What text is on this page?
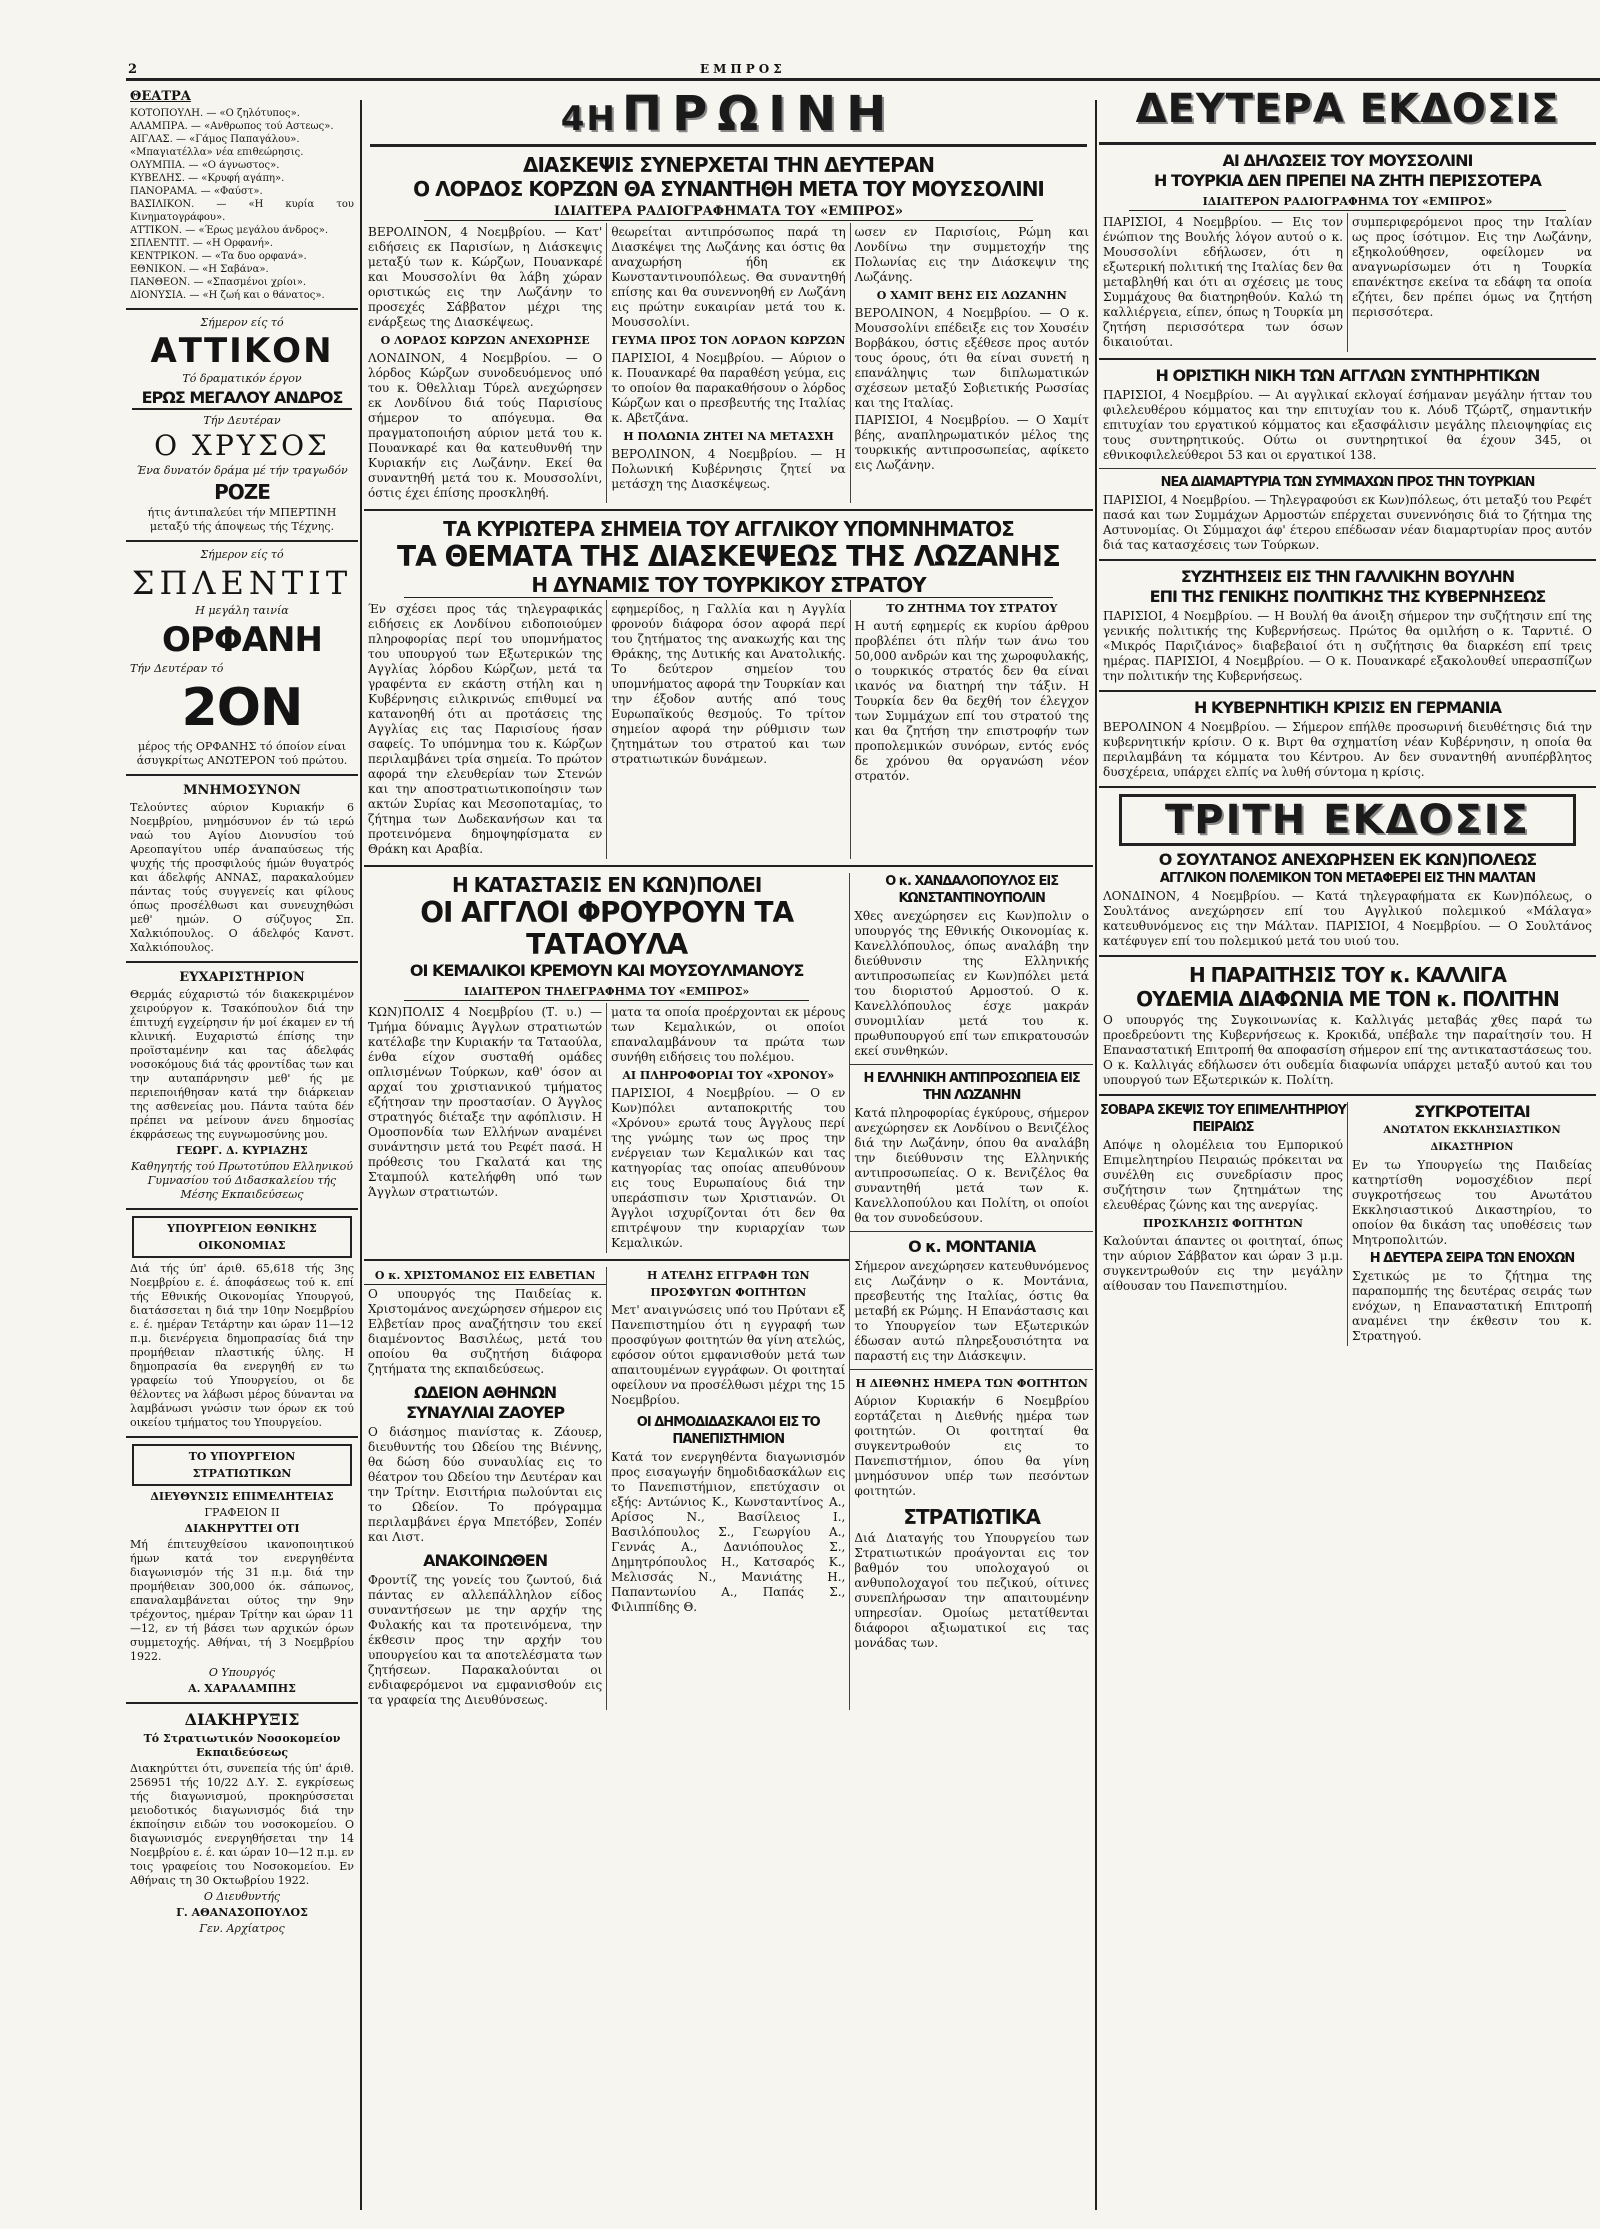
2	ΕΜΠΡΟΣ
ΘΕΑΤΡΑ
ΚΟΤΟΠΟΥΛΗ. — «Ο ζηλότυπος».
ΑΛΑΜΠΡΑ. — «Ανθρωπος τού Αστεως».
ΑΙΓΛΑΣ. — «Γάμος Παπαγάλου».
«Μπαγιατέλλα» νέα επιθεώρησις.
ΟΛΥΜΠΙΑ. — «Ο άγνωστος».
ΚΥΒΕΛΗΣ. — «Κρυφή αγάπη».
ΠΑΝΟΡΑΜΑ. — «Φαύστ».
ΒΑΣΙΛΙΚΟΝ. — «Η κυρία του Κινηματογράφου».
ΑΤΤΙΚΟΝ. — «Έρως μεγάλου άνδρος».
ΣΠΛΕΝΤΙΤ. — «Η Ορφανή».
ΚΕΝΤΡΙΚΟΝ. — «Τα δυο ορφανά».
ΕΘΝΙΚΟΝ. — «Η Σαβάνα».
ΠΑΝΘΕΟΝ. — «Σπασμένοι χρίοι».
ΔΙΟΝΥΣΙΑ. — «Η ζωή και ο θάνατος».
Σήμερον είς τό
ΑΤΤΙΚΟΝ
Τό δραματικόν έργον
ΕΡΩΣ ΜΕΓΑΛΟΥ ΑΝΔΡΟΣ
Τήν Δευτέραν
Ο ΧΡΥΣΟΣ
Ένα δυνατόν δράμα μέ τήν τραγωδόν
ΡΟΖΕ
ήτις άντιπαλεύει τήν ΜΠΕΡΤΙΝΗ μεταξύ τής άποψεως τής Τέχνης.
Σήμερον είς τό
ΣΠΛΕΝΤΙΤ
Η μεγάλη ταινία
ΟΡΦΑΝΗ
Τήν Δευτέραν τό
2ΟΝ
μέρος τής ΟΡΦΑΝΗΣ τό όποίον είναι άσυγκρίτως ΑΝΩΤΕΡΟΝ τού πρώτου.
ΜΝΗΜΟΣΥΝΟΝ
Τελούντες αύριον Κυριακήν 6 Νοεμβρίου, μνημόσυνον έν τώ ιερώ ναώ του Αγίου Διονυσίου τού Αρεοπαγίτου υπέρ άναπαύσεως τής ψυχής τής προσφιλούς ήμών θυγατρός και άδελφής ΑΝΝΑΣ, παρακαλούμεν πάντας τούς συγγενείς και φίλους όπως προσέλθωσι και συνευχηθώσι μεθ' ημών. Ο σύζυγος Σπ. Χαλκιόπουλος. Ο άδελφός Κανστ. Χαλκιόπουλος.
ΕΥΧΑΡΙΣΤΗΡΙΟΝ
Θερμάς εύχαριστώ τόν διακεκριμένον χειρούργον κ. Τσακόπουλον διά την έπιτυχή εγχείρησιν ήν μοί έκαμεν εν τή κλινική. Ευχαριστώ έπίσης την προϊσταμένην και τας άδελφάς νοσοκόμους διά τάς φροντίδας των και την αυταπάρνησιν μεθ' ής με περιεποιήθησαν κατά την διάρκειαν της ασθενείας μου. Πάντα ταύτα δέν πρέπει να μείνουν άνευ δημοσίας έκφράσεως της ευγνωμοσύνης μου.
ΓΕΩΡΓ. Δ. ΚΥΡΙΑΖΗΣ
Καθηγητής τού Πρωτοτύπου Ελληνικού Γυμνασίου τού Διδασκαλείου τής Μέσης Εκπαιδεύσεως
ΥΠΟΥΡΓΕΙΟΝ ΕΘΝΙΚΗΣ ΟΙΚΟΝΟΜΙΑΣ
Διά τής ύπ' άριθ. 65,618 τής 3ης Νοεμβρίου ε. έ. άποφάσεως τού κ. επί τής Εθνικής Οικονομίας Υπουργού, διατάσσεται η διά την 10ην Νοεμβρίου ε. έ. ημέραν Τετάρτην και ώραν 11—12 π.μ. διενέργεια δημοπρασίας διά την προμήθειαν πλαστικής ύλης. Η δημοπρασία θα ενεργηθή εν τω γραφείω τού Υπουργείου, οι δε θέλοντες να λάβωσι μέρος δύνανται να λαμβάνωσι γνώσιν των όρων εκ τού οικείου τμήματος του Υπουργείου.
ΤΟ ΥΠΟΥΡΓΕΙΟΝ ΣΤΡΑΤΙΩΤΙΚΩΝ
ΔΙΕΥΘΥΝΣΙΣ ΕΠΙΜΕΛΗΤΕΙΑΣ
ΓΡΑΦΕΙΟΝ ΙΙ
ΔΙΑΚΗΡΥΤΤΕΙ ΟΤΙ
Μή έπιτευχθείσου ικανοποιητικού ήμων κατά τον ενεργηθέντα διαγωνισμόν τής 31 π.μ. διά την προμήθειαν 300,000 όκ. σάπωνος, επαναλαμβάνεται ούτος την 9ην τρέχοντος, ημέραν Τρίτην και ώραν 11—12, εν τή βάσει των αρχικών όρων συμμετοχής. Αθήναι, τή 3 Νοεμβρίου 1922.
Ο Υπουργός
Α. ΧΑΡΑΛΑΜΠΗΣ
ΔΙΑΚΗΡΥΞΙΣ
Τό Στρατιωτικόν Νοσοκομείον Εκπαιδεύσεως
Διακηρύττει ότι, συνεπεία τής ύπ' άριθ. 256951 τής 10/22 Δ.Υ. Σ. εγκρίσεως τής διαγωνισμού, προκηρύσσεται μειοδοτικός διαγωνισμός διά την έκποίησιν ειδών του νοσοκομείου. Ο διαγωνισμός ενεργηθήσεται την 14 Νοεμβρίου ε. έ. και ώραν 10—12 π.μ. εν τοις γραφείοις του Νοσοκομείου. Εν Αθήναις τη 30 Οκτωβρίου 1922.
Ο Διευθυντής
Γ. ΑΘΑΝΑΣΟΠΟΥΛΟΣ
Γεν. Αρχίατρος
4Η ΠΡΩΙΝΗ
ΔΙΑΣΚΕΨΙΣ ΣΥΝΕΡΧΕΤΑΙ ΤΗΝ ΔΕΥΤΕΡΑΝ
Ο ΛΟΡΔΟΣ ΚΟΡΖΩΝ ΘΑ ΣΥΝΑΝΤΗΘΗ ΜΕΤΑ ΤΟΥ ΜΟΥΣΣΟΛΙΝΙ
ΙΔΙΑΙΤΕΡΑ ΡΑΔΙΟΓΡΑΦΗΜΑΤΑ ΤΟΥ «ΕΜΠΡΟΣ»
ΒΕΡΟΛΙΝΟΝ, 4 Νοεμβρίου. — Κατ' ειδήσεις εκ Παρισίων, η Διάσκεψις μεταξύ των κ. Κώρζων, Πουανκαρέ και Μουσσολίνι θα λάβη χώραν οριστικώς εις την Λωζάνην το προσεχές Σάββατον μέχρι της ενάρξεως της Διασκέψεως.
Ο ΛΟΡΔΟΣ ΚΩΡΖΩΝ ΑΝΕΧΩΡΗΣΕ
ΛΟΝΔΙΝΟΝ, 4 Νοεμβρίου. — Ο λόρδος Κώρζων συνοδευόμενος υπό του κ. Όθελλιαμ Τύρελ ανεχώρησεν εκ Λονδίνου διά τούς Παρισίους σήμερον το απόγευμα. Θα πραγματοποιήση αύριον μετά του κ. Πουανκαρέ και θα κατευθυνθή την Κυριακήν εις Λωζάνην. Εκεί θα συναντηθή μετά του κ. Μουσσολίνι, όστις έχει έπίσης προσκληθή.
θεωρείται αντιπρόσωπος παρά τη Διασκέψει της Λωζάνης και όστις θα αναχωρήση ήδη εκ Κωνσταντινουπόλεως. Θα συναντηθή επίσης και θα συνεννοηθή εν Λωζάνη εις πρώτην ευκαιρίαν μετά του κ. Μουσσολίνι.
ΓΕΥΜΑ ΠΡΟΣ ΤΟΝ ΛΟΡΔΟΝ ΚΩΡΖΩΝ
ΠΑΡΙΣΙΟΙ, 4 Νοεμβρίου. — Αύριον ο κ. Πουανκαρέ θα παραθέση γεύμα, εις το οποίον θα παρακαθήσουν ο λόρδος Κώρζων και ο πρεσβευτής της Ιταλίας κ. Αβετζάνα.
Η ΠΟΛΩΝΙΑ ΖΗΤΕΙ ΝΑ ΜΕΤΑΣΧΗ
ΒΕΡΟΛΙΝΟΝ, 4 Νοεμβρίου. — Η Πολωνική Κυβέρνησις ζητεί να μετάσχη της Διασκέψεως.
ωσεν εν Παρισίοις, Ρώμη και Λονδίνω την συμμετοχήν της Πολωνίας εις την Διάσκεψιν της Λωζάνης.
Ο ΧΑΜΙΤ ΒΕΗΣ ΕΙΣ ΛΩΖΑΝΗΝ
ΒΕΡΟΛΙΝΟΝ, 4 Νοεμβρίου. — Ο κ. Μουσσολίνι επέδειξε εις τον Χουσέιν Βορβάκου, όστις εξέθεσε προς αυτόν τους όρους, ότι θα είναι συνετή η επανάληψις των διπλωματικών σχέσεων μεταξύ Σοβιετικής Ρωσσίας και της Ιταλίας.
ΠΑΡΙΣΙΟΙ, 4 Νοεμβρίου. — Ο Χαμίτ βέης, αναπληρωματικόν μέλος της τουρκικής αντιπροσωπείας, αφίκετο εις Λωζάνην.
ΤΑ ΚΥΡΙΩΤΕΡΑ ΣΗΜΕΙΑ ΤΟΥ ΑΓΓΛΙΚΟΥ ΥΠΟΜΝΗΜΑΤΟΣ
ΤΑ ΘΕΜΑΤΑ ΤΗΣ ΔΙΑΣΚΕΨΕΩΣ ΤΗΣ ΛΩΖΑΝΗΣ
Η ΔΥΝΑΜΙΣ ΤΟΥ ΤΟΥΡΚΙΚΟΥ ΣΤΡΑΤΟΥ
Έν σχέσει προς τάς τηλεγραφικάς ειδήσεις εκ Λονδίνου ειδοποιούμεν πληροφορίας περί του υπομνήματος του υπουργού των Εξωτερικών της Αγγλίας λόρδου Κώρζων, μετά τα γραφέντα εν εκάστη στήλη και η Κυβέρνησις ειλικρινώς επιθυμεί να κατανοηθή ότι αι προτάσεις της Αγγλίας εις τας Παρισίους ήσαν σαφείς. Το υπόμνημα του κ. Κώρζων περιλαμβάνει τρία σημεία. Το πρώτον αφορά την ελευθερίαν των Στενών και την αποστρατιωτικοποίησιν των ακτών Συρίας και Μεσοποταμίας, το ζήτημα των Δωδεκανήσων και τα προτεινόμενα δημοψηφίσματα εν Θράκη και Αραβία.
εφημερίδος, η Γαλλία και η Αγγλία φρονούν διάφορα όσον αφορά περί του ζητήματος της ανακωχής και της Θράκης, της Δυτικής και Ανατολικής. Το δεύτερον σημείον του υπομνήματος αφορά την Τουρκίαν και την έξοδον αυτής από τους Ευρωπαϊκούς θεσμούς. Το τρίτον σημείον αφορά την ρύθμισιν των ζητημάτων του στρατού και των στρατιωτικών δυνάμεων.
ΤΟ ΖΗΤΗΜΑ ΤΟΥ ΣΤΡΑΤΟΥ
Η αυτή εφημερίς εκ κυρίου άρθρου προβλέπει ότι πλήν των άνω του 50,000 ανδρών και της χωροφυλακής, ο τουρκικός στρατός δεν θα είναι ικανός να διατηρή την τάξιν. Η Τουρκία δεν θα δεχθή τον έλεγχον των Συμμάχων επί του στρατού της και θα ζητήση την επιστροφήν των προπολεμικών συνόρων, εντός ενός δε χρόνου θα οργανώση νέον στρατόν.
Η ΚΑΤΑΣΤΑΣΙΣ ΕΝ ΚΩΝ)ΠΟΛΕΙ
ΟΙ ΑΓΓΛΟΙ ΦΡΟΥΡΟΥΝ ΤΑ ΤΑΤΑΟΥΛΑ
ΟΙ ΚΕΜΑΛΙΚΟΙ ΚΡΕΜΟΥΝ ΚΑΙ ΜΟΥΣΟΥΛΜΑΝΟΥΣ
ΙΔΙΑΙΤΕΡΟΝ ΤΗΛΕΓΡΑΦΗΜΑ ΤΟΥ «ΕΜΠΡΟΣ»
ΚΩΝ)ΠΟΛΙΣ 4 Νοεμβρίου (Τ. υ.) — Τμήμα δύναμις Άγγλων στρατιωτών κατέλαβε την Κυριακήν τα Ταταούλα, ένθα είχον συσταθή ομάδες οπλισμένων Τούρκων, καθ' όσον αι αρχαί του χριστιανικού τμήματος εζήτησαν την προστασίαν. Ο Άγγλος στρατηγός διέταξε την αφόπλισιν. Η Ομοσπονδία των Ελλήνων αναμένει συνάντησιν μετά του Ρεφέτ πασά. Η πρόθεσις του Γκαλατά και της Σταμπούλ κατελήφθη υπό των Άγγλων στρατιωτών.
ματα τα οποία προέρχονται εκ μέρους των Κεμαλικών, οι οποίοι επαναλαμβάνουν τα πρώτα των συνήθη ειδήσεις του πολέμου.
ΑΙ ΠΛΗΡΟΦΟΡΙΑΙ ΤΟΥ «ΧΡΟΝΟΥ»
ΠΑΡΙΣΙΟΙ, 4 Νοεμβρίου. — Ο εν Κων)πόλει ανταποκριτής του «Χρόνου» ερωτά τους Άγγλους περί της γνώμης των ως προς την ενέργειαν των Κεμαλικών και τας κατηγορίας τας οποίας απευθύνουν εις τους Ευρωπαίους διά την υπεράσπισιν των Χριστιανών. Οι Άγγλοι ισχυρίζονται ότι δεν θα επιτρέψουν την κυριαρχίαν των Κεμαλικών.
Ο κ. ΧΡΙΣΤΟΜΑΝΟΣ ΕΙΣ ΕΛΒΕΤΙΑΝ
Ο υπουργός της Παιδείας κ. Χριστομάνος ανεχώρησεν σήμερον εις Ελβετίαν προς αναζήτησιν του εκεί διαμένοντος Βασιλέως, μετά του οποίου θα συζητήση διάφορα ζητήματα της εκπαιδεύσεως.
ΩΔΕΙΟΝ ΑΘΗΝΩΝ
ΣΥΝΑΥΛΙΑΙ ΖΑΟΥΕΡ
Ο διάσημος πιανίστας κ. Ζάουερ, διευθυντής του Ωδείου της Βιέννης, θα δώση δύο συναυλίας εις το θέατρον του Ωδείου την Δευτέραν και την Τρίτην. Εισιτήρια πωλούνται εις το Ωδείον. Το πρόγραμμα περιλαμβάνει έργα Μπετόβεν, Σοπέν και Λιστ.
ΑΝΑΚΟΙΝΩΘΕΝ
Φροντίζ της γονείς του ζωντού, διά πάντας εν αλλεπάλληλον είδος συναντήσεων με την αρχήν της Φυλακής και τα προτεινόμενα, την έκθεσιν προς την αρχήν του υπουργείου και τα αποτελέσματα των ζητήσεων. Παρακαλούνται οι ενδιαφερόμενοι να εμφανισθούν εις τα γραφεία της Διευθύνσεως.
Η ΑΤΕΛΗΣ ΕΓΓΡΑΦΗ ΤΩΝ ΠΡΟΣΦΥΓΩΝ ΦΟΙΤΗΤΩΝ
Μετ' αναιγνώσεις υπό του Πρύτανι εξ Πανεπιστημίου ότι η εγγραφή των προσφύγων φοιτητών θα γίνη ατελώς, εφόσον ούτοι εμφανισθούν μετά των απαιτουμένων εγγράφων. Οι φοιτηταί οφείλουν να προσέλθωσι μέχρι της 15 Νοεμβρίου.
ΟΙ ΔΗΜΟΔΙΔΑΣΚΑΛΟΙ ΕΙΣ ΤΟ ΠΑΝΕΠΙΣΤΗΜΙΟΝ
Κατά τον ενεργηθέντα διαγωνισμόν προς εισαγωγήν δημοδιδασκάλων εις το Πανεπιστήμιον, επετύχασιν οι εξής: Αντώνιος Κ., Κωνσταντίνος Α., Αρίσος Ν., Βασίλειος Ι., Βασιλόπουλος Σ., Γεωργίου Α., Γεννάς Α., Δανιόπουλος Σ., Δημητρόπουλος Η., Κατσαρός Κ., Μελισσάς Ν., Μανιάτης Η., Παπαντωνίου Α., Παπάς Σ., Φιλιππίδης Θ.
Ο κ. ΧΑΝΔΑΛΟΠΟΥΛΟΣ ΕΙΣ ΚΩΝΣΤΑΝΤΙΝΟΥΠΟΛΙΝ
Χθες ανεχώρησεν εις Κων)πολιν ο υπουργός της Εθνικής Οικονομίας κ. Κανελλόπουλος, όπως αναλάβη την διεύθυνσιν της Ελληνικής αντιπροσωπείας εν Κων)πόλει μετά του διοριστού Αρμοστού. Ο κ. Κανελλόπουλος έσχε μακράν συνομιλίαν μετά του κ. πρωθυπουργού επί των επικρατουσών εκεί συνθηκών.
Η ΕΛΛΗΝΙΚΗ ΑΝΤΙΠΡΟΣΩΠΕΙΑ ΕΙΣ ΤΗΝ ΛΩΖΑΝΗΝ
Κατά πληροφορίας έγκύρους, σήμερον ανεχώρησεν εκ Λονδίνου ο Βενιζέλος διά την Λωζάνην, όπου θα αναλάβη την διεύθυνσιν της Ελληνικής αντιπροσωπείας. Ο κ. Βενιζέλος θα συναντηθή μετά των κ. Κανελλοπούλου και Πολίτη, οι οποίοι θα τον συνοδεύσουν.
Ο κ. ΜΟΝΤΑΝΙΑ
Σήμερον ανεχώρησεν κατευθυνόμενος εις Λωζάνην ο κ. Μοντάνια, πρεσβευτής της Ιταλίας, όστις θα μεταβή εκ Ρώμης. Η Επανάστασις και το Υπουργείον των Εξωτερικών έδωσαν αυτώ πληρεξουσιότητα να παραστή εις την Διάσκεψιν.
Η ΔΙΕΘΝΗΣ ΗΜΕΡΑ ΤΩΝ ΦΟΙΤΗΤΩΝ
Αύριον Κυριακήν 6 Νοεμβρίου εορτάζεται η Διεθνής ημέρα των φοιτητών. Οι φοιτηταί θα συγκεντρωθούν εις το Πανεπιστήμιον, όπου θα γίνη μνημόσυνον υπέρ των πεσόντων φοιτητών.
ΣΤΡΑΤΙΩΤΙΚΑ
Διά Διαταγής του Υπουργείου των Στρατιωτικών προάγονται εις τον βαθμόν του υπολοχαγού οι ανθυπολοχαγοί του πεζικού, οίτινες συνεπλήρωσαν την απαιτουμένην υπηρεσίαν. Ομοίως μετατίθενται διάφοροι αξιωματικοί εις τας μονάδας των.
ΔΕΥΤΕΡΑ ΕΚΔΟΣΙΣ
ΑΙ ΔΗΛΩΣΕΙΣ ΤΟΥ ΜΟΥΣΣΟΛΙΝΙ
Η ΤΟΥΡΚΙΑ ΔΕΝ ΠΡΕΠΕΙ ΝΑ ΖΗΤΗ ΠΕΡΙΣΣΟΤΕΡΑ
ΙΔΙΑΙΤΕΡΟΝ ΡΑΔΙΟΓΡΑΦΗΜΑ ΤΟΥ «ΕΜΠΡΟΣ»
ΠΑΡΙΣΙΟΙ, 4 Νοεμβρίου. — Εις τον ένώπιον της Βουλής λόγον αυτού ο κ. Μουσσολίνι εδήλωσεν, ότι η εξωτερική πολιτική της Ιταλίας δεν θα μεταβληθή και ότι αι σχέσεις με τους Συμμάχους θα διατηρηθούν. Καλώ τη καλλιέργεια, είπεν, όπως η Τουρκία μη ζητήση περισσότερα των όσων δικαιούται.
συμπεριφερόμενοι προς την Ιταλίαν ως προς ίσότιμον. Εις την Λωζάνην, εξηκολούθησεν, οφείλομεν να αναγνωρίσωμεν ότι η Τουρκία επανέκτησε εκείνα τα εδάφη τα οποία εζήτει, δεν πρέπει όμως να ζητήση περισσότερα.
Η ΟΡΙΣΤΙΚΗ ΝΙΚΗ ΤΩΝ ΑΓΓΛΩΝ ΣΥΝΤΗΡΗΤΙΚΩΝ
ΠΑΡΙΣΙΟΙ, 4 Νοεμβρίου. — Αι αγγλικαί εκλογαί έσήμαναν μεγάλην ήτταν του φιλελευθέρου κόμματος και την επιτυχίαν του κ. Λόυδ Τζώρτζ, σημαντικήν επιτυχίαν του εργατικού κόμματος και εξασφάλισιν μεγάλης πλειοψηφίας εις τους συντηρητικούς. Ούτω οι συντηρητικοί θα έχουν 345, οι εθνικοφιλελεύθεροι 53 και οι εργατικοί 138.
ΝΕΑ ΔΙΑΜΑΡΤΥΡΙΑ ΤΩΝ ΣΥΜΜΑΧΩΝ ΠΡΟΣ ΤΗΝ ΤΟΥΡΚΙΑΝ
ΠΑΡΙΣΙΟΙ, 4 Νοεμβρίου. — Τηλεγραφούσι εκ Κων)πόλεως, ότι μεταξύ του Ρεφέτ πασά και των Συμμάχων Αρμοστών επέρχεται συνεννόησις διά το ζήτημα της Αστυνομίας. Οι Σύμμαχοι άφ' έτερου επέδωσαν νέαν διαμαρτυρίαν προς αυτόν διά τας κατασχέσεις των Τούρκων.
ΣΥΖΗΤΗΣΕΙΣ ΕΙΣ ΤΗΝ ΓΑΛΛΙΚΗΝ ΒΟΥΛΗΝ
ΕΠΙ ΤΗΣ ΓΕΝΙΚΗΣ ΠΟΛΙΤΙΚΗΣ ΤΗΣ ΚΥΒΕΡΝΗΣΕΩΣ
ΠΑΡΙΣΙΟΙ, 4 Νοεμβρίου. — Η Βουλή θα άνοιξη σήμερον την συζήτησιν επί της γενικής πολιτικής της Κυβερνήσεως. Πρώτος θα ομιλήση ο κ. Ταρντιέ. Ο «Μικρός Παριζιάνος» διαβεβαιοί ότι η συζήτησις θα διαρκέση επί τρεις ημέρας. ΠΑΡΙΣΙΟΙ, 4 Νοεμβρίου. — Ο κ. Πουανκαρέ εξακολουθεί υπερασπίζων την πολιτικήν της Κυβερνήσεως.
Η ΚΥΒΕΡΝΗΤΙΚΗ ΚΡΙΣΙΣ ΕΝ ΓΕΡΜΑΝΙΑ
ΒΕΡΟΛΙΝΟΝ 4 Νοεμβρίου. — Σήμερον επήλθε προσωρινή διευθέτησις διά την κυβερνητικήν κρίσιν. Ο κ. Βιρτ θα σχηματίση νέαν Κυβέρνησιν, η οποία θα περιλαμβάνη τα κόμματα του Κέντρου. Αν δεν συναντηθή ανυπέρβλητος δυσχέρεια, υπάρχει ελπίς να λυθή σύντομα η κρίσις.
ΤΡΙΤΗ ΕΚΔΟΣΙΣ
Ο ΣΟΥΛΤΑΝΟΣ ΑΝΕΧΩΡΗΣΕΝ ΕΚ ΚΩΝ)ΠΟΛΕΩΣ
ΑΓΓΛΙΚΟΝ ΠΟΛΕΜΙΚΟΝ ΤΟΝ ΜΕΤΑΦΕΡΕΙ ΕΙΣ ΤΗΝ ΜΑΛΤΑΝ
ΛΟΝΔΙΝΟΝ, 4 Νοεμβρίου. — Κατά τηλεγραφήματα εκ Κων)πόλεως, ο Σουλτάνος ανεχώρησεν επί του Αγγλικού πολεμικού «Μάλαγα» κατευθυνόμενος εις την Μάλταν. ΠΑΡΙΣΙΟΙ, 4 Νοεμβρίου. — Ο Σουλτάνος κατέφυγεν επί του πολεμικού μετά του υιού του.
Η ΠΑΡΑΙΤΗΣΙΣ ΤΟΥ κ. ΚΑΛΛΙΓΑ
ΟΥΔΕΜΙΑ ΔΙΑΦΩΝΙΑ ΜΕ ΤΟΝ κ. ΠΟΛΙΤΗΝ
Ο υπουργός της Συγκοινωνίας κ. Καλλιγάς μεταβάς χθες παρά τω προεδρεύοντι της Κυβερνήσεως κ. Κροκιδά, υπέβαλε την παραίτησίν του. Η Επαναστατική Επιτροπή θα αποφασίση σήμερον επί της αντικαταστάσεως του. Ο κ. Καλλιγάς εδήλωσεν ότι ουδεμία διαφωνία υπάρχει μεταξύ αυτού και του υπουργού των Εξωτερικών κ. Πολίτη.
ΣΟΒΑΡΑ ΣΚΕΨΙΣ ΤΟΥ ΕΠΙΜΕΛΗΤΗΡΙΟΥ ΠΕΙΡΑΙΩΣ
Απόψε η ολομέλεια του Εμπορικού Επιμελητηρίου Πειραιώς πρόκειται να συνέλθη εις συνεδρίασιν προς συζήτησιν των ζητημάτων της ελευθέρας ζώνης και της ανεργίας.
ΠΡΟΣΚΛΗΣΙΣ ΦΟΙΤΗΤΩΝ
Καλούνται άπαντες οι φοιτηταί, όπως την αύριον Σάββατον και ώραν 3 μ.μ. συγκεντρωθούν εις την μεγάλην αίθουσαν του Πανεπιστημίου.
ΣΥΓΚΡΟΤΕΙΤΑΙ
ΑΝΩΤΑΤΟΝ ΕΚΚΛΗΣΙΑΣΤΙΚΟΝ ΔΙΚΑΣΤΗΡΙΟΝ
Εν τω Υπουργείω της Παιδείας κατηρτίσθη νομοσχέδιον περί συγκροτήσεως του Ανωτάτου Εκκλησιαστικού Δικαστηρίου, το οποίον θα δικάση τας υποθέσεις των Μητροπολιτών.
Η ΔΕΥΤΕΡΑ ΣΕΙΡΑ ΤΩΝ ΕΝΟΧΩΝ
Σχετικώς με το ζήτημα της παραπομπής της δευτέρας σειράς των ενόχων, η Επαναστατική Επιτροπή αναμένει την έκθεσιν του κ. Στρατηγού.
